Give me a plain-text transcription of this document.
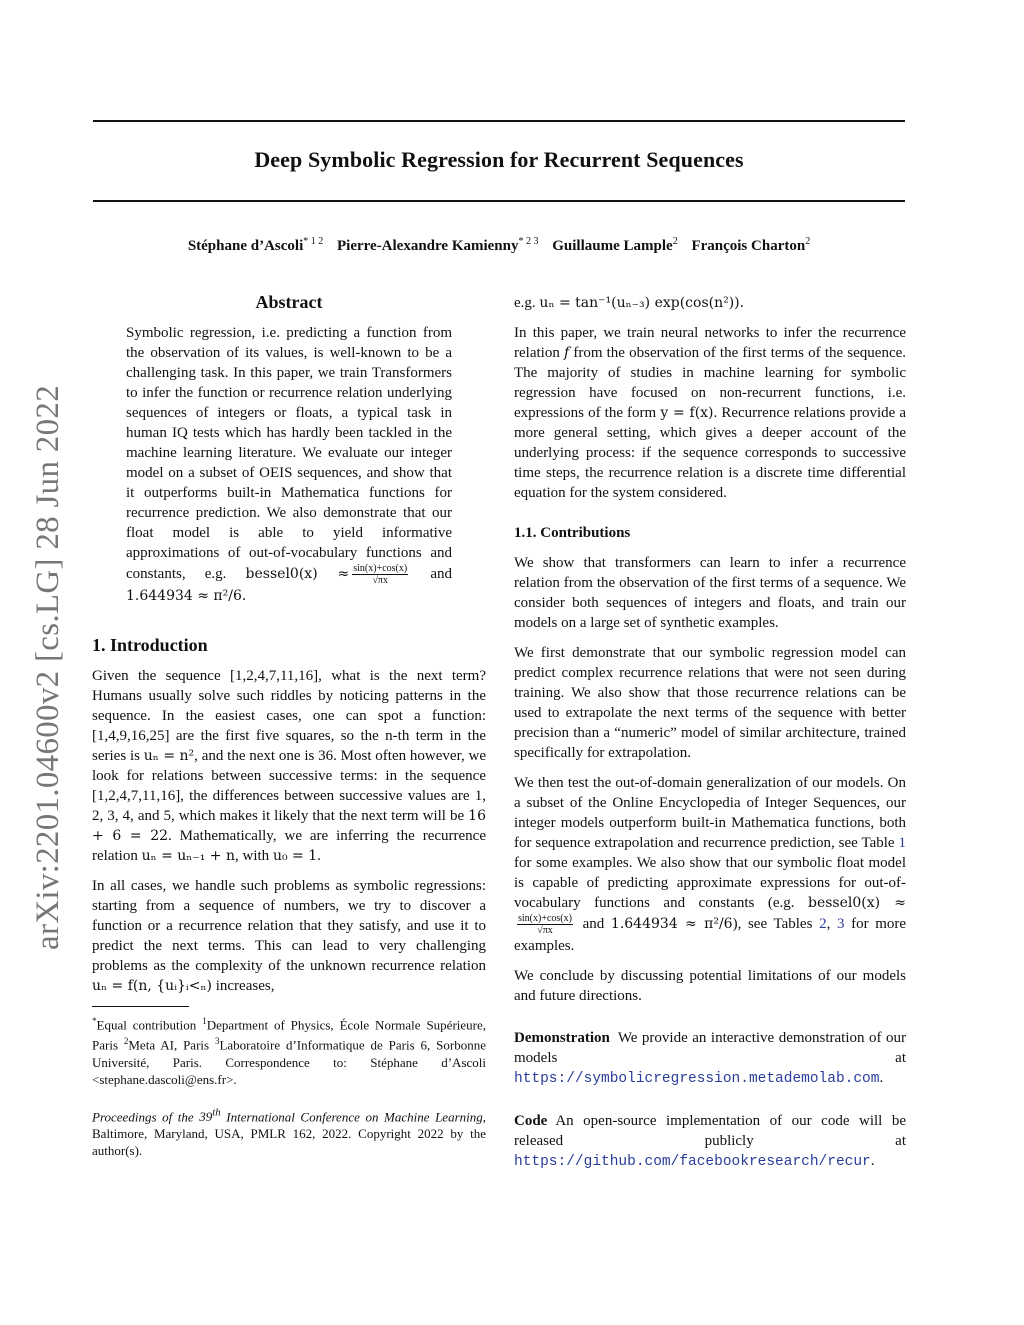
arXiv:2201.04600v2 [cs.LG] 28 Jun 2022
Deep Symbolic Regression for Recurrent Sequences
Stéphane d’Ascoli$^{* 1 2}$ Pierre-Alexandre Kamienny$^{* 2 3}$ Guillaume Lample$^2$ François Charton$^2$
Abstract

Symbolic regression, i.e. predicting a function from the observation of its values, is well-known to be a challenging task. In this paper, we train Transformers to infer the function or recurrence relation underlying sequences of integers or floats, a typical task in human IQ tests which has hardly been tackled in the machine learning literature. We evaluate our integer model on a subset of OEIS sequences, and show that it outperforms built-in Mathematica functions for recurrence prediction. We also demonstrate that our float model is able to yield informative approximations of out-of-vocabulary functions and constants, e.g. bessel0(x) ≈ $\frac{\sin(x)+\cos(x)}{√\pi x}$ and 1.644934 ≈ π²/6.

1. Introduction

Given the sequence [1,2,4,7,11,16], what is the next term? Humans usually solve such riddles by noticing patterns in the sequence. In the easiest cases, one can spot a function: [1,4,9,16,25] are the first five squares, so the n-th term in the series is uₙ = n², and the next one is 36. Most often however, we look for relations between successive terms: in the sequence [1,2,4,7,11,16], the differences between successive values are 1, 2, 3, 4, and 5, which makes it likely that the next term will be 16 + 6 = 22. Mathematically, we are inferring the recurrence relation uₙ = uₙ₋₁ + n, with u₀ = 1.

In all cases, we handle such problems as symbolic regressions: starting from a sequence of numbers, we try to discover a function or a recurrence relation that they satisfy, and use it to predict the next terms. This can lead to very challenging problems as the complexity of the unknown recurrence relation uₙ = f(n, {uᵢ}ᵢ<ₙ) increases,

*Equal contribution $^1$Department of Physics, École Normale Supérieure, Paris $^2$Meta AI, Paris $^3$Laboratoire d’Informatique de Paris 6, Sorbonne Université, Paris. Correspondence to: Stéphane d’Ascoli <stephane.dascoli@ens.fr>.

Proceedings of the 39th International Conference on Machine Learning, Baltimore, Maryland, USA, PMLR 162, 2022. Copyright 2022 by the author(s).

e.g. uₙ = tan⁻¹(uₙ₋₃) exp(cos(n²)).

In this paper, we train neural networks to infer the recurrence relation f from the observation of the first terms of the sequence. The majority of studies in machine learning for symbolic regression have focused on non-recurrent functions, i.e. expressions of the form y = f(x). Recurrence relations provide a more general setting, which gives a deeper account of the underlying process: if the sequence corresponds to successive time steps, the recurrence relation is a discrete time differential equation for the system considered.

1.1. Contributions

We show that transformers can learn to infer a recurrence relation from the observation of the first terms of a sequence. We consider both sequences of integers and floats, and train our models on a large set of synthetic examples.

We first demonstrate that our symbolic regression model can predict complex recurrence relations that were not seen during training. We also show that those recurrence relations can be used to extrapolate the next terms of the sequence with better precision than a “numeric” model of similar architecture, trained specifically for extrapolation.

We then test the out-of-domain generalization of our models. On a subset of the Online Encyclopedia of Integer Sequences, our integer models outperform built-in Mathematica functions, both for sequence extrapolation and recurrence prediction, see Table 1 for some examples. We also show that our symbolic float model is capable of predicting approximate expressions for out-of-vocabulary functions and constants (e.g. bessel0(x) ≈
$\frac{\sin(x)+\cos(x)}{√\pi x}$ and 1.644934 ≈ π²/6), see Tables 2, 3 for more examples.

We conclude by discussing potential limitations of our models and future directions.

Demonstration We provide an interactive demonstration of our models at https://symbolicregression.metademolab.com.

Code An open-source implementation of our code will be released publicly at https://github.com/facebookresearch/recur.
